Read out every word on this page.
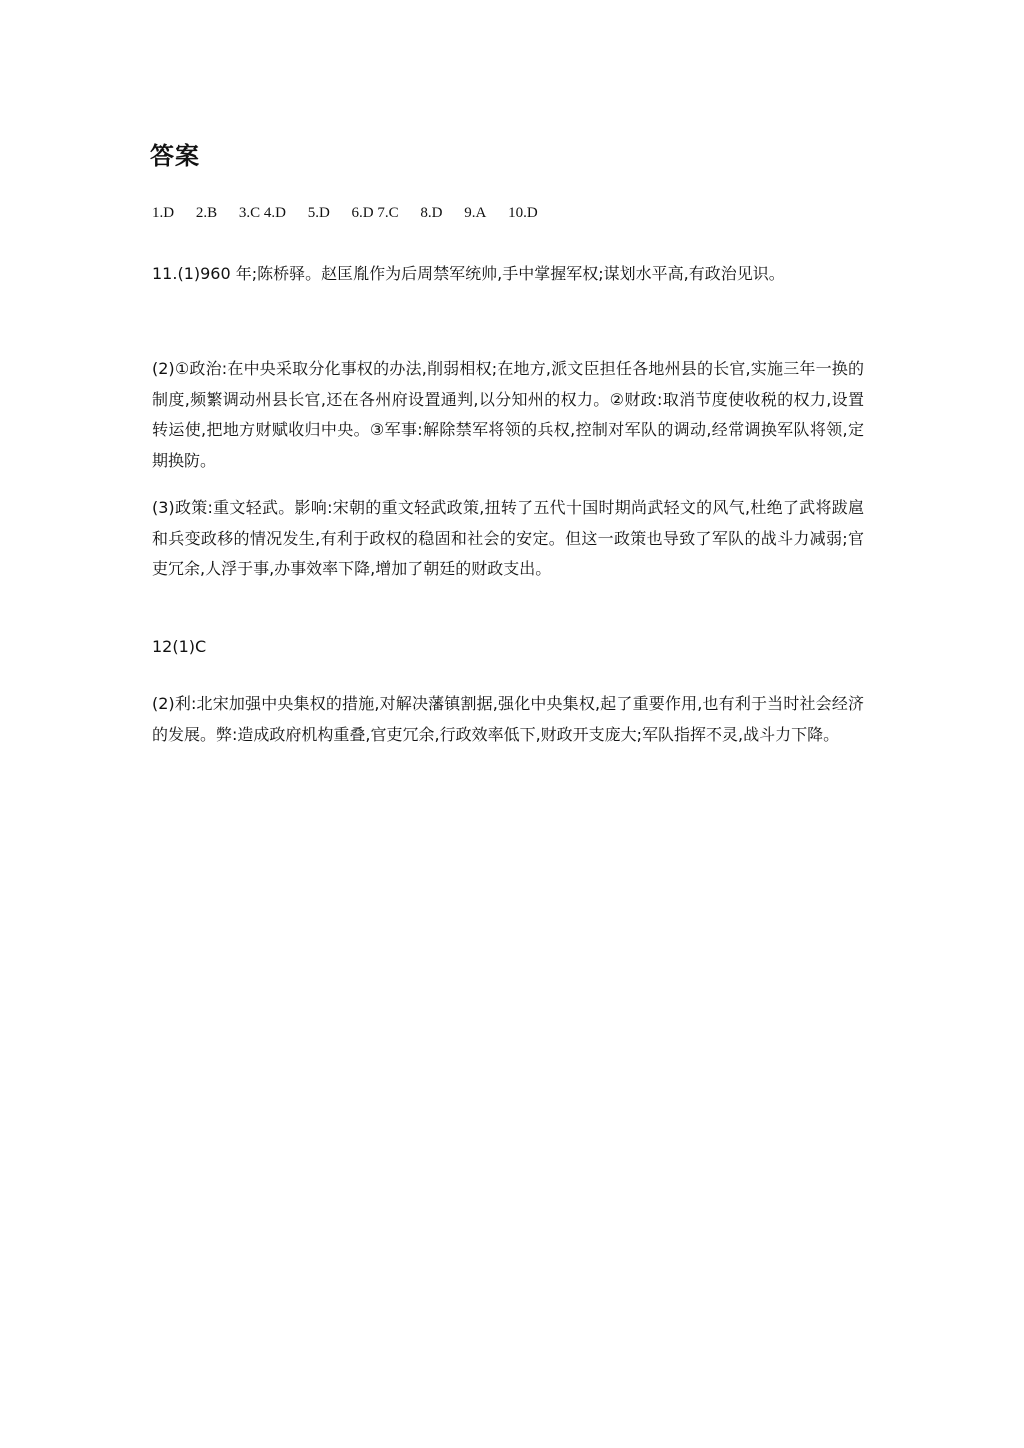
答案
1.D 2.B 3.C 4.D 5.D 6.D 7.C 8.D 9.A 10.D
11.(1)960 年;陈桥驿。赵匡胤作为后周禁军统帅,手中掌握军权;谋划水平高,有政治见识。
(2)①政治:在中央采取分化事权的办法,削弱相权;在地方,派文臣担任各地州县的长官,实施三年一换的制度,频繁调动州县长官,还在各州府设置通判,以分知州的权力。②财政:取消节度使收税的权力,设置转运使,把地方财赋收归中央。③军事:解除禁军将领的兵权,控制对军队的调动,经常调换军队将领,定期换防。
(3)政策:重文轻武。影响:宋朝的重文轻武政策,扭转了五代十国时期尚武轻文的风气,杜绝了武将跋扈和兵变政移的情况发生,有利于政权的稳固和社会的安定。但这一政策也导致了军队的战斗力减弱;官吏冗余,人浮于事,办事效率下降,增加了朝廷的财政支出。
12(1)C
(2)利:北宋加强中央集权的措施,对解决藩镇割据,强化中央集权,起了重要作用,也有利于当时社会经济的发展。弊:造成政府机构重叠,官吏冗余,行政效率低下,财政开支庞大;军队指挥不灵,战斗力下降。
